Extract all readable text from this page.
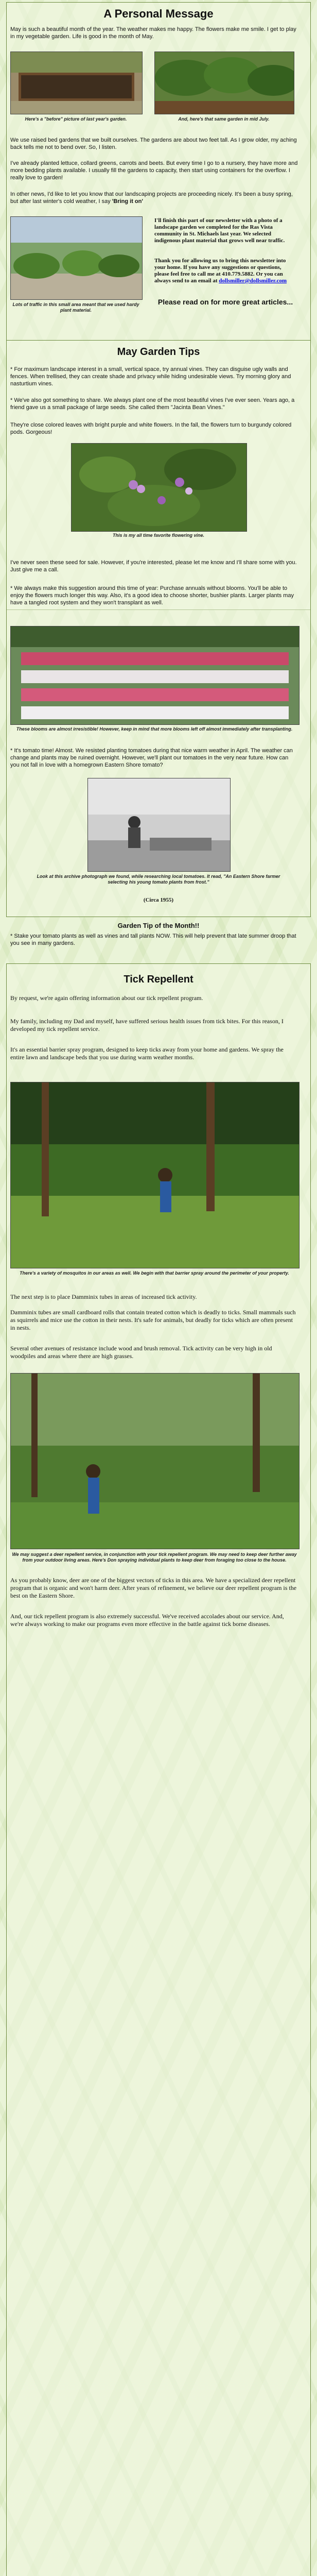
A Personal Message

May is such a beautiful month of the year. The weather makes me happy. The flowers make me smile. I get to play in my vegetable garden. Life is good in the month of May.

Here's a "before" picture of last year's garden.	And, here's that same garden in mid July.

We use raised bed gardens that we built ourselves. The gardens are about two feet tall. As I grow older, my aching back tells me not to bend over. So, I listen.

I've already planted lettuce, collard greens, carrots and beets. But every time I go to a nursery, they have more and more bedding plants available. I usually fill the gardens to capacity, then start using containers for the overflow. I really love to garden!

In other news, I'd like to let you know that our landscaping projects are proceeding nicely. It's been a busy spring, but after last winter's cold weather, I say 'Bring it on'

Lots of traffic in this small area meant that we used hardy plant material.
I'll finish this part of our newsletter with a photo of a landscape garden we completed for the Ras Vista community in St. Michaels last year. We selected indigenous plant material that grows well near traffic.
Thank you for allowing us to bring this newsletter into your home. If you have any suggestions or questions, please feel free to call me at 410.779.5882. Or you can always send to an email at dollsmiller@dollsmiller.com
Please read on for more great articles...
May Garden Tips

* For maximum landscape interest in a small, vertical space, try annual vines. They can disguise ugly walls and fences. When trellised, they can create shade and privacy while hiding undesirable views. Try morning glory and nasturtium vines.

* We've also got something to share. We always plant one of the most beautiful vines I've ever seen. Years ago, a friend gave us a small package of large seeds. She called them "Jacinta Bean Vines."

They're close colored leaves with bright purple and white flowers. In the fall, the flowers turn to burgundy colored pods. Gorgeous!

This is my all time favorite flowering vine.

I've never seen these seed for sale. However, if you're interested, please let me know and I'll share some with you. Just give me a call.

* We always make this suggestion around this time of year: Purchase annuals without blooms. You'll be able to enjoy the flowers much longer this way. Also, it's a good idea to choose shorter, bushier plants. Larger plants may have a tangled root system and they won't transplant as well.

These blooms are almost irresistible! However, keep in mind that more blooms left off almost immediately after transplanting.

* It's tomato time! Almost. We resisted planting tomatoes during that nice warm weather in April. The weather can change and plants may be ruined overnight. However, we'll plant our tomatoes in the very near future. How can you not fall in love with a homegrown Eastern Shore tomato?

Look at this archive photograph we found, while researching local tomatoes. It read, "An Eastern Shore farmer selecting his young tomato plants from frost."
(Circa 1955)
Garden Tip of the Month!!

* Stake your tomato plants as well as vines and tall plants NOW. This will help prevent that late summer droop that you see in many gardens.

Tick Repellent

By request, we're again offering information about our tick repellent program.

My family, including my Dad and myself, have suffered serious health issues from tick bites. For this reason, I developed my tick repellent service.

It's an essential barrier spray program, designed to keep ticks away from your home and gardens. We spray the entire lawn and landscape beds that you use during warm weather months.

There's a variety of mosquitos in our areas as well. We begin with that barrier spray around the perimeter of your property.

The next step is to place Damminix tubes in areas of increased tick activity.

Damminix tubes are small cardboard rolls that contain treated cotton which is deadly to ticks. Small mammals such as squirrels and mice use the cotton in their nests. It's safe for animals, but deadly for ticks which are often present in nests.

Several other avenues of resistance include wood and brush removal. Tick activity can be very high in old woodpiles and areas where there are high grasses.

We may suggest a deer repellent service, in conjunction with your tick repellent program. We may need to keep deer further away from your outdoor living areas. Here's Don spraying individual plants to keep deer from foraging too close to the house.

As you probably know, deer are one of the biggest vectors of ticks in this area. We have a specialized deer repellent program that is organic and won't harm deer. After years of refinement, we believe our deer repellent program is the best on the Eastern Shore.

And, our tick repellent program is also extremely successful. We've received accolades about our service. And, we're always working to make our programs even more effective in the battle against tick borne diseases.
